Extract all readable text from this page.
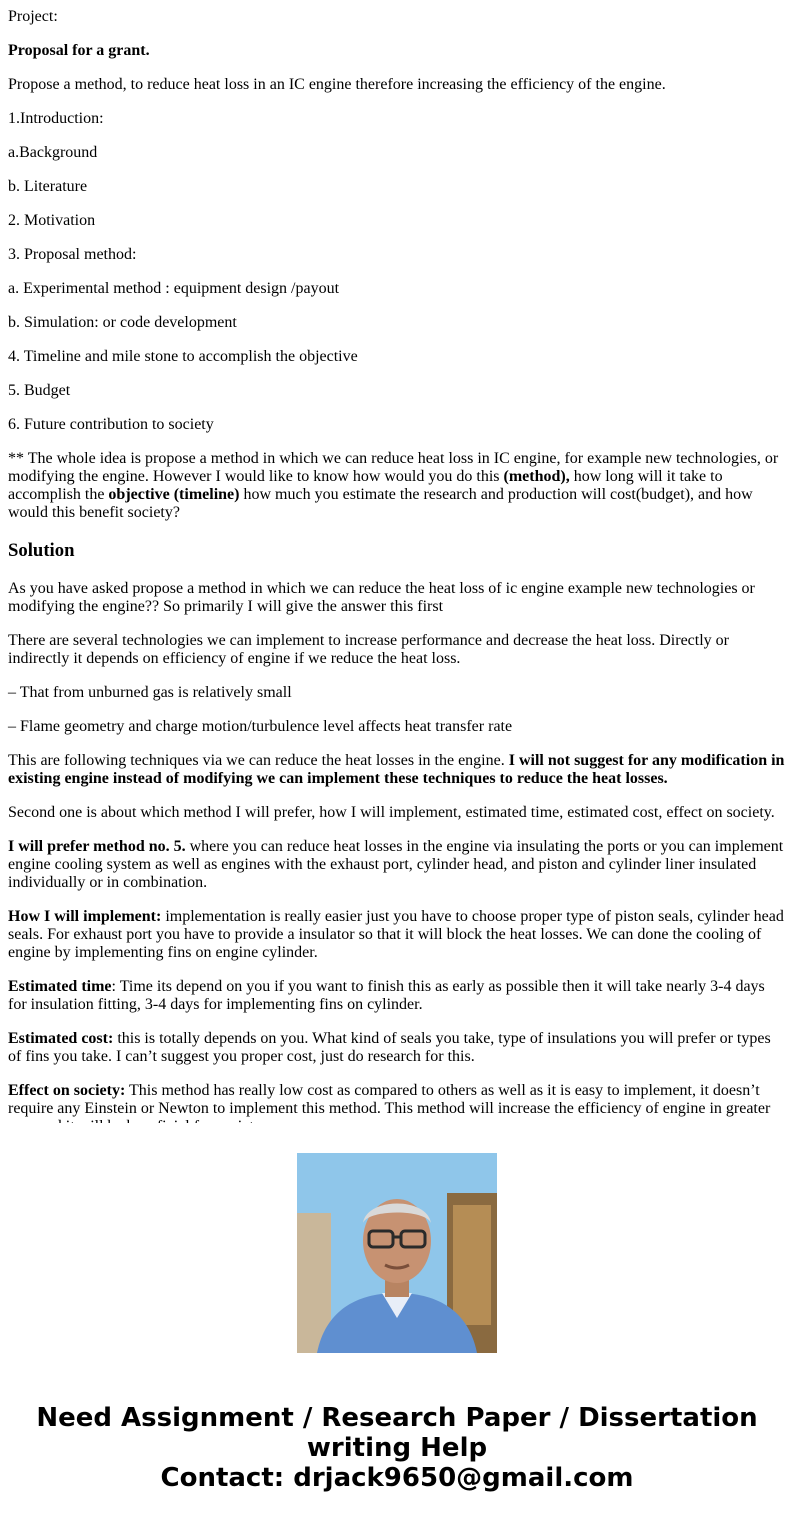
Project:

Proposal for a grant.

Propose a method, to reduce heat loss in an IC engine therefore increasing the efficiency of the engine.

1.Introduction:

a.Background

b. Literature

2. Motivation

3. Proposal method:

a. Experimental method : equipment design /payout

b. Simulation: or code development

4. Timeline and mile stone to accomplish the objective

5. Budget

6. Future contribution to society

** The whole idea is propose a method in which we can reduce heat loss in IC engine, for example new technologies, or modifying the engine. However I would like to know how would you do this (method), how long will it take to accomplish the objective (timeline) how much you estimate the research and production will cost(budget), and how would this benefit society?

Solution

As you have asked propose a method in which we can reduce the heat loss of ic engine example new technologies or modifying the engine?? So primarily I will give the answer this first

There are several technologies we can implement to increase performance and decrease the heat loss. Directly or indirectly it depends on efficiency of engine if we reduce the heat loss.

– That from unburned gas is relatively small

– Flame geometry and charge motion/turbulence level affects heat transfer rate

This are following techniques via we can reduce the heat losses in the engine. I will not suggest for any modification in existing engine instead of modifying we can implement these techniques to reduce the heat losses.

Second one is about which method I will prefer, how I will implement, estimated time, estimated cost, effect on society.

I will prefer method no. 5. where you can reduce heat losses in the engine via insulating the ports or you can implement engine cooling system as well as engines with the exhaust port, cylinder head, and piston and cylinder liner insulated individually or in combination.

How I will implement: implementation is really easier just you have to choose proper type of piston seals, cylinder head seals. For exhaust port you have to provide a insulator so that it will block the heat losses. We can done the cooling of engine by implementing fins on engine cylinder.

Estimated time: Time its depend on you if you want to finish this as early as possible then it will take nearly 3-4 days for insulation fitting, 3-4 days for implementing fins on cylinder.

Estimated cost: this is totally depends on you. What kind of seals you take, type of insulations you will prefer or types of fins you take. I can’t suggest you proper cost, just do research for this.

Effect on society: This method has really low cost as compared to others as well as it is easy to implement, it doesn’t require any Einstein or Newton to implement this method. This method will increase the efficiency of engine in greater

Need Assignment / Research Paper / Dissertation
writing Help
Contact: drjack9650@gmail.com
